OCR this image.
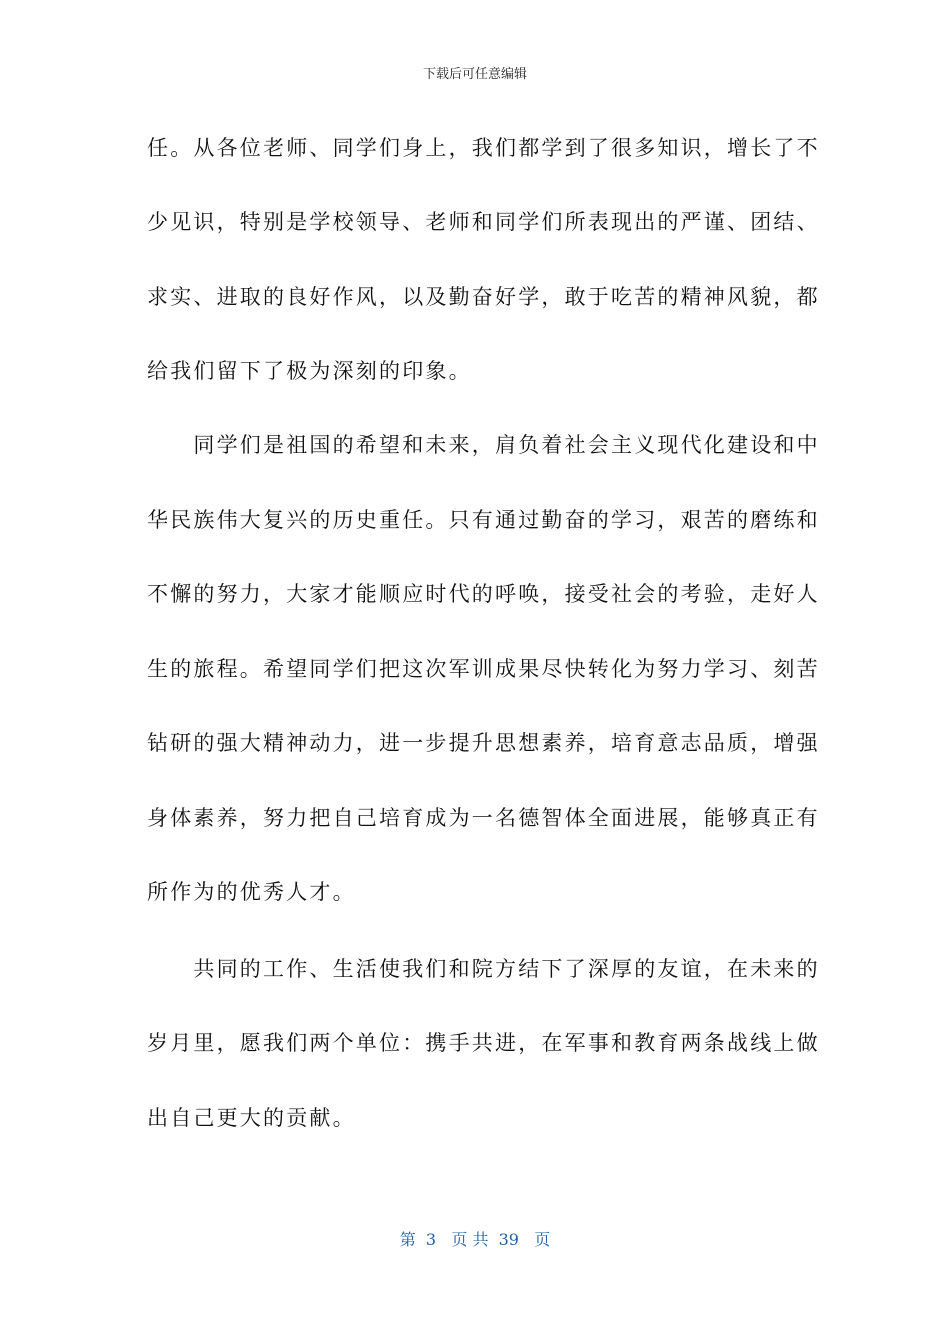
下载后可任意编辑
任。从各位老师、同学们身上，我们都学到了很多知识，增长了不
少见识，特别是学校领导、老师和同学们所表现出的严谨、团结、
求实、进取的良好作风，以及勤奋好学，敢于吃苦的精神风貌，都
给我们留下了极为深刻的印象。
　　同学们是祖国的希望和未来，肩负着社会主义现代化建设和中
华民族伟大复兴的历史重任。只有通过勤奋的学习，艰苦的磨练和
不懈的努力，大家才能顺应时代的呼唤，接受社会的考验，走好人
生的旅程。希望同学们把这次军训成果尽快转化为努力学习、刻苦
钻研的强大精神动力，进一步提升思想素养，培育意志品质，增强
身体素养，努力把自己培育成为一名德智体全面进展，能够真正有
所作为的优秀人才。
　　共同的工作、生活使我们和院方结下了深厚的友谊，在未来的
岁月里，愿我们两个单位：携手共进，在军事和教育两条战线上做
出自己更大的贡献。
第  3   页 共  39   页
